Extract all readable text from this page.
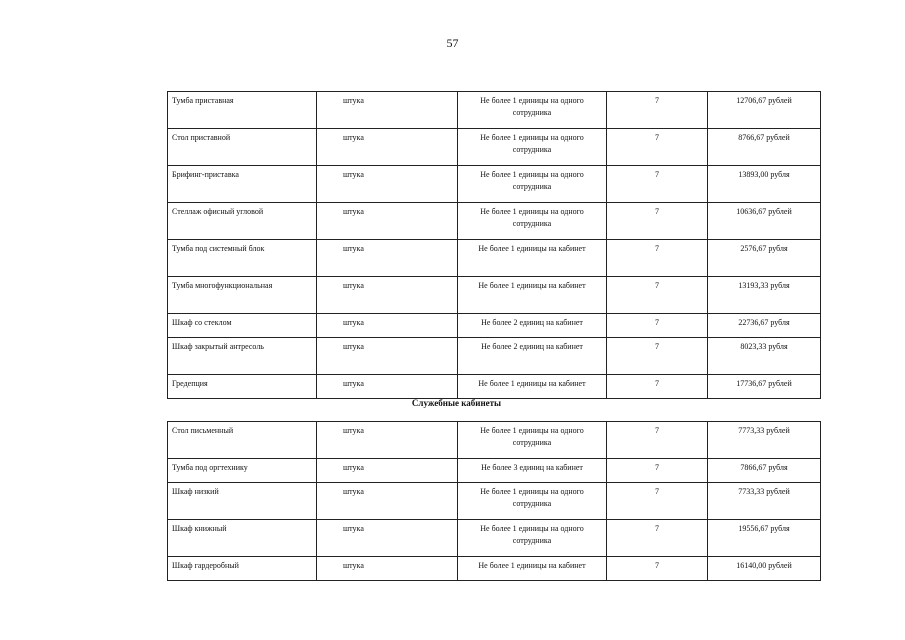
57
Тумба приставная	штука	Не более 1 единицы на одного сотрудника	7	12706,67 рублей
Стол приставной	штука	Не более 1 единицы на одного сотрудника	7	8766,67 рублей
Брифинг-приставка	штука	Не более 1 единицы на одного сотрудника	7	13893,00 рубля
Стеллаж офисный угловой	штука	Не более 1 единицы на одного сотрудника	7	10636,67 рублей
Тумба под системный блок	штука	Не более 1 единицы на кабинет	7	2576,67 рубля
Тумба многофункциональная	штука	Не более 1 единицы на кабинет	7	13193,33 рубля
Шкаф со стеклом	штука	Не более 2 единиц на кабинет	7	22736,67 рубля
Шкаф закрытый антресоль	штука	Не более 2 единиц на кабинет	7	8023,33 рубля
Гредепция	штука	Не более 1 единицы на кабинет	7	17736,67 рублей
Служебные кабинеты
Стол письменный	штука	Не более 1 единицы на одного сотрудника	7	7773,33 рублей
Тумба под оргтехнику	штука	Не более 3 единиц на кабинет	7	7866,67 рубля
Шкаф низкий	штука	Не более 1 единицы на одного сотрудника	7	7733,33 рублей
Шкаф книжный	штука	Не более 1 единицы на одного сотрудника	7	19556,67 рубля
Шкаф гардеробный	штука	Не более 1 единицы на кабинет	7	16140,00 рублей
